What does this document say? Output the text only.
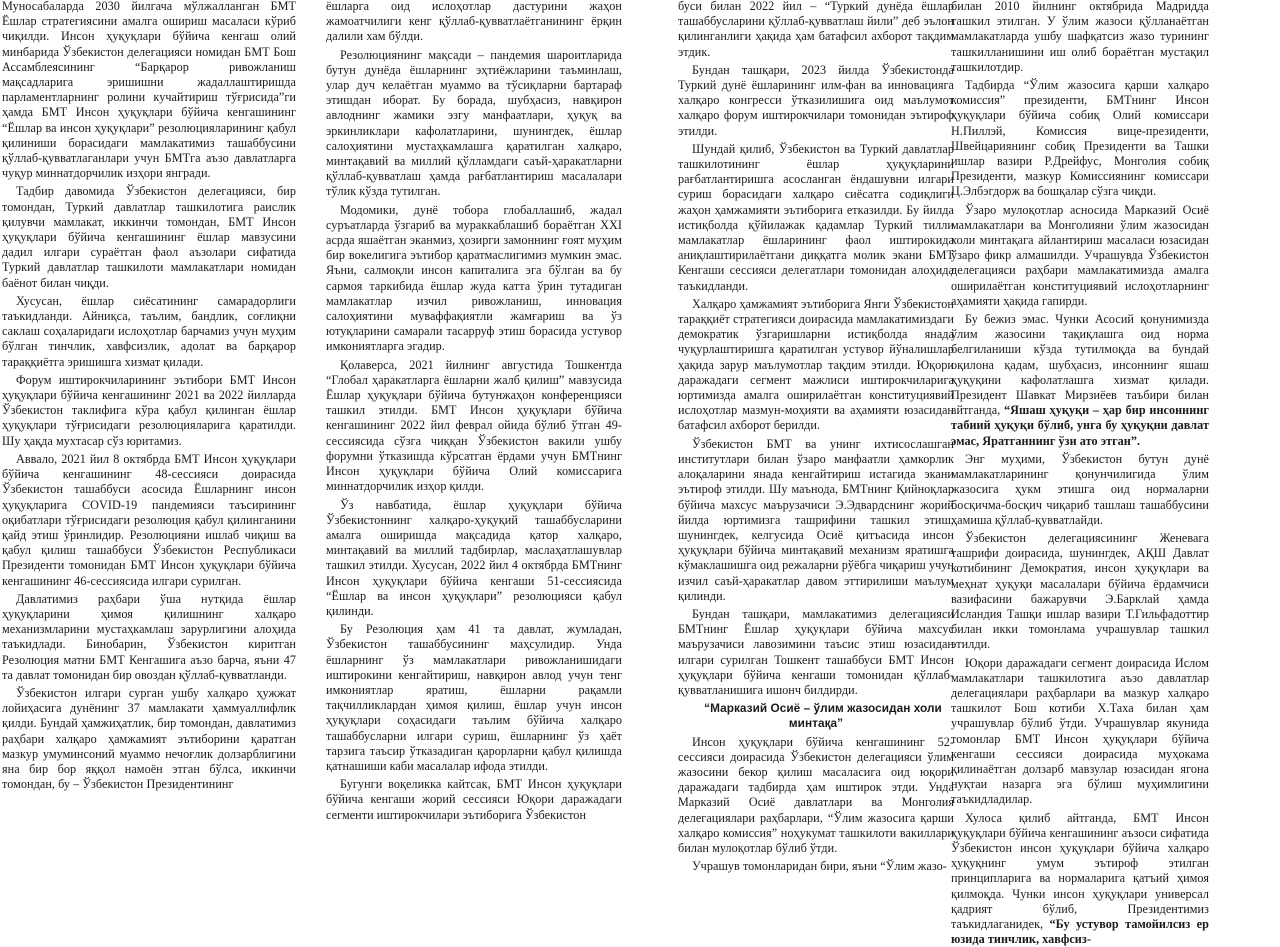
Муносабаларда 2030 йилгача мўлжалланган БМТ Ёшлар стратегиясини амалга ошириш масаласи кўриб чиқилди. Инсон ҳуқуқлари бўйича кенгаш олий минбарида Ўзбекистон делегацияси номидан БМТ Бош Ассамблеясининг “Барқарор ривожланиш мақсадларига эришишни жадаллаштиришда парламентларнинг ролини кучайтириш тўғрисида”ги ҳамда БМТ Инсон ҳуқуқлари бўйича кенгашининг “Ёшлар ва инсон ҳуқуқлари” резолюцияларининг қабул қилиниши борасидаги мамлакатимиз ташаббусини қўллаб-қувватлаганлари учун БМТга аъзо давлатларга чуқур миннатдорчилик изҳори янгради.

Тадбир давомида Ўзбекистон делегацияси, бир томондан, Туркий давлатлар ташкилотига раислик қилувчи мамлакат, иккинчи томондан, БМТ Инсон ҳуқуқлари бўйича кенгашининг ёшлар мавзусини дадил илгари сураётган фаол аъзолари сифатида Туркий давлатлар ташкилоти мамлакатлари номидан баёнот билан чиқди.

Хусусан, ёшлар сиёсатининг самарадорлиги таъкидланди. Айниқса, таълим, бандлик, соғлиқни саклаш соҳаларидаги ислоҳотлар барчамиз учун муҳим бўлган тинчлик, хавфсизлик, адолат ва барқарор тараққиётга эришишга хизмат қилади.

Форум иштирокчиларининг эътибори БМТ Инсон ҳуқуқлари бўйича кенгашининг 2021 ва 2022 йилларда Ўзбекистон таклифига кўра қабул қилинган ёшлар ҳуқуқлари тўғрисидаги резолюцияларига қаратилди. Шу ҳақда мухтасар сўз юритамиз.

Аввало, 2021 йил 8 октябрда БМТ Инсон ҳуқуқлари бўйича кенгашининг 48-сессияси доирасида Ўзбекистон ташаббуси асосида Ёшларнинг инсон ҳуқуқларига COVID-19 пандемияси таъсирининг оқибатлари тўғрисидаги резолюция қабул қилинганини қайд этиш ўринлидир. Резолюцияни ишлаб чиқиш ва қабул қилиш ташаббуси Ўзбекистон Республикаси Президенти томонидан БМТ Инсон ҳуқуқлари бўйича кенгашининг 46-сессиясида илгари сурилган.

Давлатимиз раҳбари ўша нутқида ёшлар ҳуқуқларини ҳимоя қилишнинг халқаро механизмларини мустаҳкамлаш зарурлигини алоҳида таъкидлади. Бинобарин, Ўзбекистон киритган Резолюция матни БМТ Кенгашига аъзо барча, яъни 47 та давлат томонидан бир овоздан қўллаб-қувватланди.

Ўзбекистон илгари сурган ушбу халқаро ҳужжат лойиҳасига дунёнинг 37 мамлакати ҳаммуаллифлик қилди. Бундай ҳамжиҳатлик, бир томондан, давлатимиз раҳбари халқаро ҳамжамият эътиборини қаратган мазкур умуминсоний муаммо нечоғлик долзарблигини яна бир бор яққол намоён этган бўлса, иккинчи томондан, бу – Ўзбекистон Президентининг

ёшларга оид ислоҳотлар дастурини жаҳон жамоатчилиги кенг қўллаб-қувватлаётганининг ёрқин далили хам бўлди.

Резолюциянинг мақсади – пандемия шароитларида бутун дунёда ёшларнинг эҳтиёжларини таъминлаш, улар дуч келаётган муаммо ва тўсиқларни бартараф этишдан иборат. Бу борада, шубҳасиз, навқирон авлоднинг жамики эзгу манфаатлари, ҳуқуқ ва эркинликлари кафолатларини, шунингдек, ёшлар салоҳиятини мустаҳкамлашга қаратилган халқаро, минтақавий ва миллий қўлламдаги саъй-ҳаракатларни қўллаб-қувватлаш ҳамда рағбатлантириш масалалари тўлик кўзда тутилган.

Модомики, дунё тобора глобаллашиб, жадал суръатларда ўзгариб ва мураккаблашиб бораётган XXI асрда яшаётган эканмиз, ҳозирги замоннинг ғоят муҳим бир вокелигига эътибор қаратмаслигимиз мумкин эмас. Яъни, салмоқли инсон капиталига эга бўлган ва бу сармоя таркибида ёшлар жуда катта ўрин тутадиган мамлакатлар изчил ривожланиш, инновация салоҳиятини муваффақиятли жамғариш ва ўз ютуқларини самарали тасарруф этиш борасида устувор имкониятларга эгадир.

Қолаверса, 2021 йилнинг августида Тошкентда “Глобал ҳаракатларга ёшларни жалб қилиш” мавзусида Ёшлар ҳуқуқлари бўйича бутунжаҳон конференцияси ташкил этилди. БМТ Инсон ҳуқуқлари бўйича кенгашининг 2022 йил феврал ойида бўлиб ўтган 49-сессиясида сўзга чиққан Ўзбекистон вакили ушбу форумни ўтказишда кўрсатган ёрдами учун БМТнинг Инсон ҳуқуқлари бўйича Олий комиссарига миннатдорчилик изҳор қилди.

Ўз навбатида, ёшлар ҳуқуқлари бўйича Ўзбекистоннинг халқаро-ҳуқуқий ташаббусларини амалга оширишда мақсадида қатор халқаро, минтақавий ва миллий тадбирлар, маслаҳатлашувлар ташкил этилди. Хусусан, 2022 йил 4 октябрда БМТнинг Инсон ҳуқуқлари бўйича кенгаши 51-сессиясида “Ёшлар ва инсон ҳуқуқлари” резолюцияси қабул қилинди.

Бу Резолюция ҳам 41 та давлат, жумладан, Ўзбекистон ташаббусининг маҳсулидир. Унда ёшларнинг ўз мамлакатлари ривожланишидаги иштирокини кенгайтириш, навқирон авлод учун тенг имкониятлар яратиш, ёшларни рақамли тақчилликлардан ҳимоя қилиш, ёшлар учун инсон ҳуқуқлари соҳасидаги таълим бўйича халқаро ташаббусларни илгари суриш, ёшларнинг ўз ҳаёт тарзига таъсир ўтказадиган қарорларни қабул қилишда қатнашиши каби масалалар ифода этилди.

Бугунги воқеликка кайтсак, БМТ Инсон ҳуқуқлари бўйича кенгаши жорий сессияси Юқори даражадаги сегменти иштирокчилари эътиборига Ўзбекистон

буси билан 2022 йил – “Туркий дунёда ёшлар ташаббусларини қўллаб-қувватлаш йили” деб эълон қилинганлиги ҳақида ҳам батафсил ахборот тақдим этдик.

Бундан ташқари, 2023 йилда Ўзбекистонда Туркий дунё ёшларининг илм-фан ва инновацияга халқаро конгресси ўтказилишига оид маълумот халқаро форум иштирокчилари томонидан эътироф этилди.

Шундай қилиб, Ўзбекистон ва Туркий давлатлар ташкилотининг ёшлар ҳуқуқларини рағбатлантиришга асосланган ёндашувни илгари суриш борасидаги халқаро сиёсатга содиқлиги жаҳон ҳамжамияти эътиборига етказилди. Бу йилда истиқболда қўйилажак қадамлар Туркий тилли мамлакатлар ёшларининг фаол иштирокида аниқлаштирилаётгани диққатга молик экани БМТ Кенгаши сессияси делегатлари томонидан алоҳида таъкидланди.

Халқаро ҳамжамият эътиборига Янги Ўзбекистон тараққиёт стратегияси доирасида мамлакатимиздаги демократик ўзгаришларни истиқболда янада чуқурлаштиришга қаратилган устувор йўналишлар ҳақида зарур маълумотлар тақдим этилди. Юқори даражадаги сегмент мажлиси иштирокчиларига юртимизда амалга оширилаётган конституциявий ислоҳотлар мазмун-моҳияти ва аҳамияти юзасидан батафсил ахборот берилди.

Ўзбекистон БМТ ва унинг ихтисослашган институтлари билан ўзаро манфаатли ҳамкорлик алоқаларини янада кенгайтириш истагида экани эътироф этилди. Шу маънода, БМТнинг Қийноқлар бўйича махсус маърузачиси Э.Эдвардснинг жорий йилда юртимизга ташрифини ташкил этиш, шунингдек, келгусида Осиё қитъасида инсон ҳуқуқлари бўйича минтақавий механизм яратишга кўмаклашишга оид режаларни рўёбга чиқариш учун изчил саъй-ҳаракатлар давом эттирилиши маълум қилинди.

Бундан ташқари, мамлакатимиз делегацияси БМТнинг Ёшлар ҳуқуқлари бўйича махсус маърузачиси лавозимини таъсис этиш юзасидан илгари сурилган Тошкент ташаббуси БМТ Инсон ҳуқуқлари бўйича кенгаши томонидан қўллаб-қувватланишига ишонч билдирди.

“Марказий Осиё – ўлим жазосидан холи минтақа”

Инсон ҳуқуқлари бўйича кенгашининг 52-сессияси доирасида Ўзбекистон делегацияси ўлим жазосини бекор қилиш масаласига оид юқори даражадаги тадбирда ҳам иштирок этди. Унда Марказий Осиё давлатлари ва Монголия делегациялари раҳбарлари, “Ўлим жазосига қарши халқаро комиссия” ноҳукумат ташкилоти вакиллари билан мулоқотлар бўлиб ўтди.

Учрашув томонларидан бири, яъни “Ўлим жазо-

билан 2010 йилнинг октябрида Мадридда ташкил этилган. У ўлим жазоси қўлланаётган мамлакатларда ушбу шафқатсиз жазо турининг ташкилланишини иш олиб бораётган мустақил ташкилотдир.

Тадбирда “Ўлим жазосига қарши халқаро комиссия” президенти, БМТнинг Инсон ҳуқуқлари бўйича собиқ Олий комиссари Н.Пиллэй, Комиссия вице-президенти, Швейцариянинг собиқ Президенти ва Ташки ишлар вазири Р.Дрейфус, Монголия собиқ Президенти, мазкур Комиссиянинг комиссари Ц.Элбэгдорж ва бошқалар сўзга чиқди.

Ўзаро мулоқотлар асносида Марказий Осиё мамлакатлари ва Монголияни ўлим жазосидан холи минтақага айлантириш масаласи юзасидан ўзаро фикр алмашилди. Учрашувда Ўзбекистон делегацияси раҳбари мамлакатимизда амалга оширилаётган конституциявий ислоҳотларнинг аҳамияти ҳақида гапирди.

Бу бежиз эмас. Чунки Асосий қонунимизда ўлим жазосини тақиқлашга оид норма белгиланиши кўзда тутилмоқда ва бундай оқилона қадам, шубҳасиз, инсоннинг яшаш ҳуқуқини кафолатлашга хизмат қилади. Президент Шавкат Мирзиёев таъбири билан айтганда, “Яшаш ҳуқуқи – ҳар бир инсоннинг табиий ҳуқуқи бўлиб, унга бу ҳуқуқни давлат эмас, Яратганнинг ўзи ато этган”.

Энг муҳими, Ўзбекистон бутун дунё мамлакатларининг қонунчилигида ўлим жазосига ҳукм этишга оид нормаларни босқичма-босқич чиқариб ташлаш ташаббусини ҳамиша қўллаб-қувватлайди.

Ўзбекистон делегациясининг Женевага ташрифи доирасида, шунингдек, АҚШ Давлат котибининг Демократия, инсон ҳуқуқлари ва меҳнат ҳуқуқи масалалари бўйича ёрдамчиси вазифасини бажарувчи Э.Барклай ҳамда Исландия Ташқи ишлар вазири Т.Гильфадоттир билан икки томонлама учрашувлар ташкил этилди.

Юқори даражадаги сегмент доирасида Ислом мамлакатлари ташкилотига аъзо давлатлар делегациялари раҳбарлари ва мазкур халқаро ташкилот Бош котиби Х.Таха билан ҳам учрашувлар бўлиб ўтди. Учрашувлар якунида томонлар БМТ Инсон ҳуқуқлари бўйича кенгаши сессияси доирасида муҳокама қилинаётган долзарб мавзулар юзасидан ягона нуқтаи назарга эга бўлиш муҳимлигини таъкидладилар.

Хулоса қилиб айтганда, БМТ Инсон ҳуқуқлари бўйича кенгашининг аъзоси сифатида Ўзбекистон инсон ҳуқуқлари бўйича халқаро ҳуқуқнинг умум эътироф этилган принципларига ва нормаларига қатъий ҳимоя қилмоқда. Чунки инсон ҳуқуқлари универсал қадрият бўлиб, Президентимиз таъкидлаганидек, “Бу устувор тамойилсиз ер юзида тинчлик, хавфсиз-
